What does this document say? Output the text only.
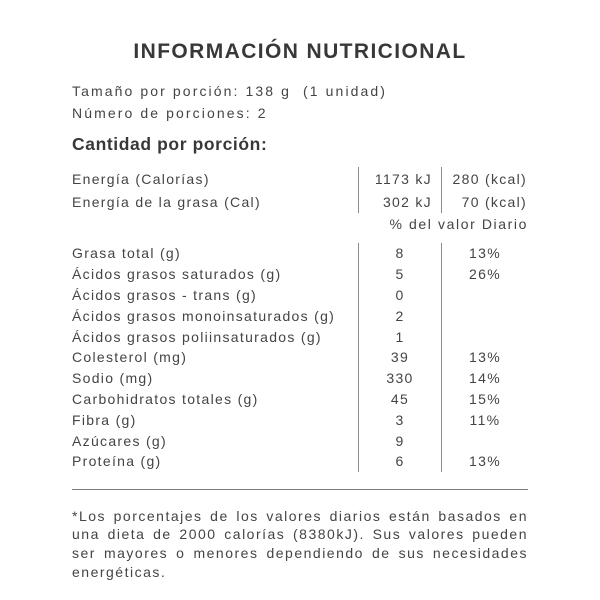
INFORMACIÓN NUTRICIONAL
Tamaño por porción: 138 g  (1 unidad)
Número de porciones: 2
Cantidad por porción:
Energía (Calorías)	1173 kJ	280 (kcal)
Energía de la grasa (Cal)	302 kJ	70 (kcal)
% del valor Diario
Grasa total (g)	8	13%
Ácidos grasos saturados (g)	5	26%
Ácidos grasos - trans (g)	0
Ácidos grasos monoinsaturados (g)	2
Ácidos grasos poliinsaturados (g)	1
Colesterol (mg)	39	13%
Sodio (mg)	330	14%
Carbohidratos totales (g)	45	15%
Fibra (g)	3	11%
Azúcares (g)	9
Proteína (g)	6	13%

*Los porcentajes de los valores diarios están basados en una dieta de 2000 calorías (8380kJ). Sus valores pueden ser mayores o menores dependiendo de sus necesidades energéticas.
